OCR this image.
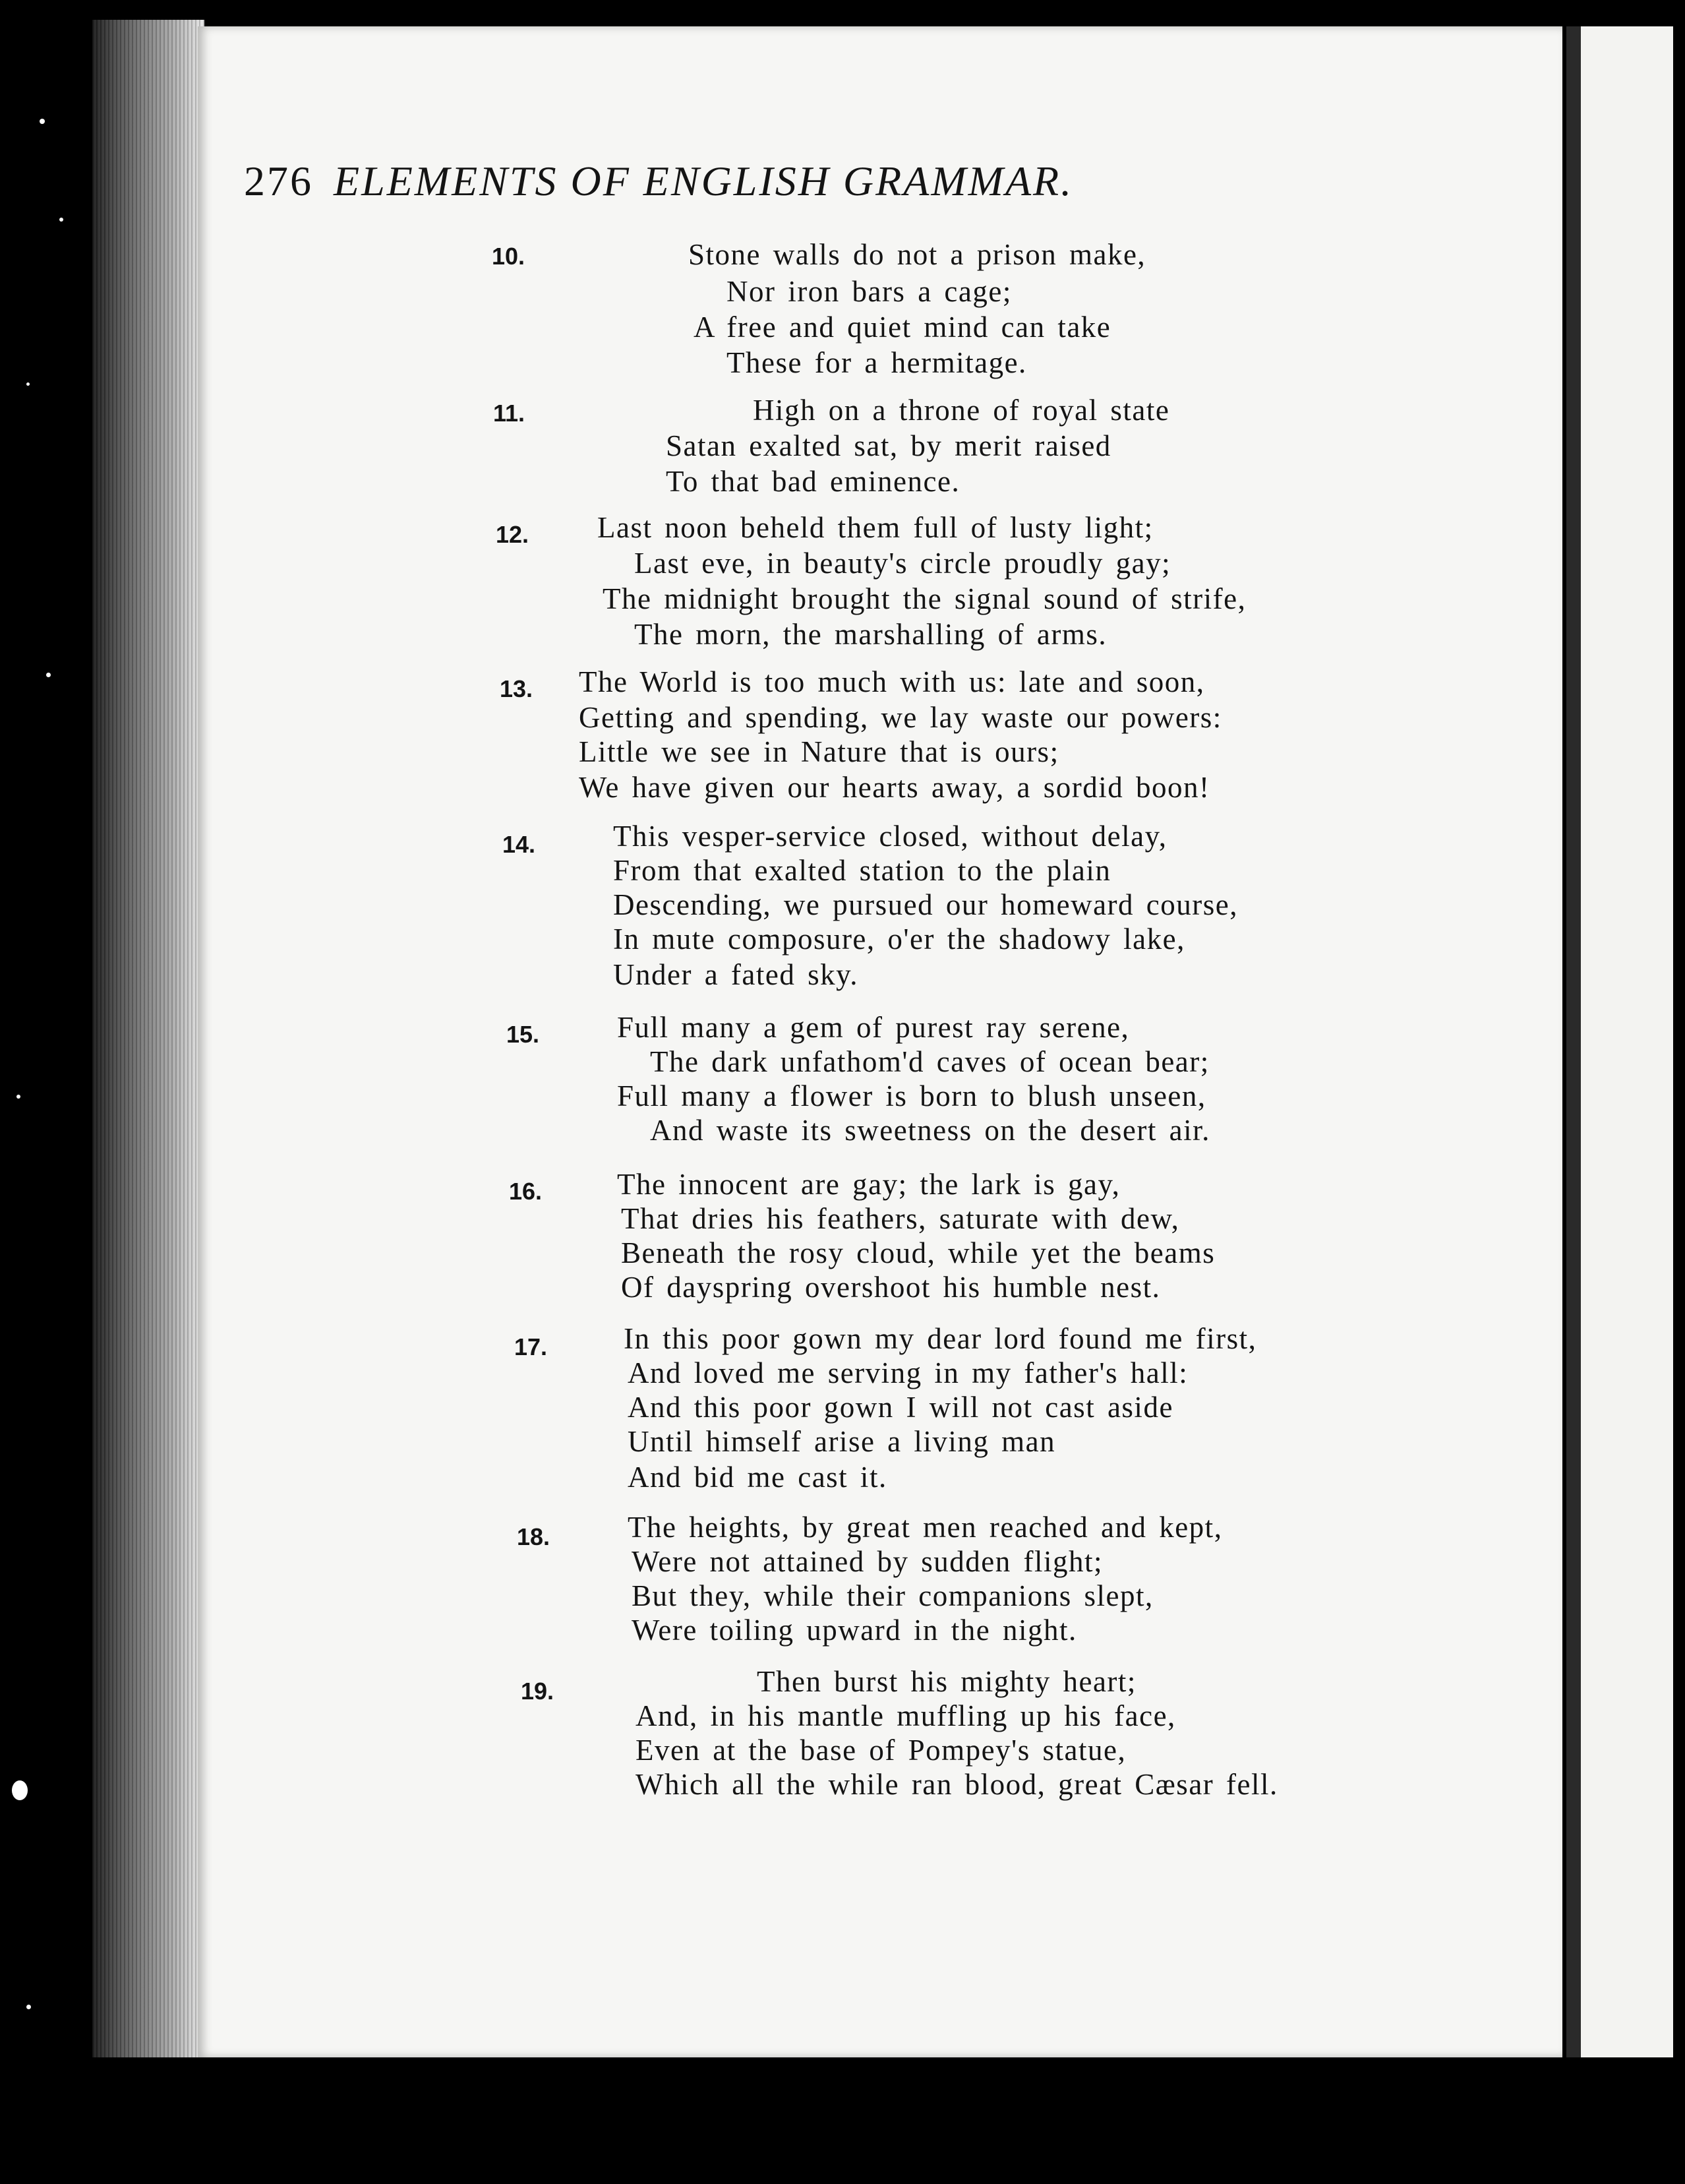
276 ELEMENTS OF ENGLISH GRAMMAR.
10.	Stone walls do not a prison make,
Nor iron bars a cage;
A free and quiet mind can take
These for a hermitage.
11.	High on a throne of royal state
Satan exalted sat, by merit raised
To that bad eminence.
12. Last noon beheld them full of lusty light;
Last eve, in beauty's circle proudly gay;
The midnight brought the signal sound of strife,
The morn, the marshalling of arms.
13. The World is too much with us: late and soon,
Getting and spending, we lay waste our powers:
Little we see in Nature that is ours;
We have given our hearts away, a sordid boon!
14.	This vesper-service closed, without delay,
From that exalted station to the plain
Descending, we pursued our homeward course,
In mute composure, o'er the shadowy lake,
Under a fated sky.
15.	Full many a gem of purest ray serene,
The dark unfathom'd caves of ocean bear;
Full many a flower is born to blush unseen,
And waste its sweetness on the desert air.
16.	The innocent are gay; the lark is gay,
That dries his feathers, saturate with dew,
Beneath the rosy cloud, while yet the beams
Of dayspring overshoot his humble nest.
17.	In this poor gown my dear lord found me first,
And loved me serving in my father's hall:
And this poor gown I will not cast aside
Until himself arise a living man
And bid me cast it.
18.	The heights, by great men reached and kept,
Were not attained by sudden flight;
But they, while their companions slept,
Were toiling upward in the night.
19.	Then burst his mighty heart;
And, in his mantle muffling up his face,
Even at the base of Pompey's statue,
Which all the while ran blood, great Cæsar fell.
